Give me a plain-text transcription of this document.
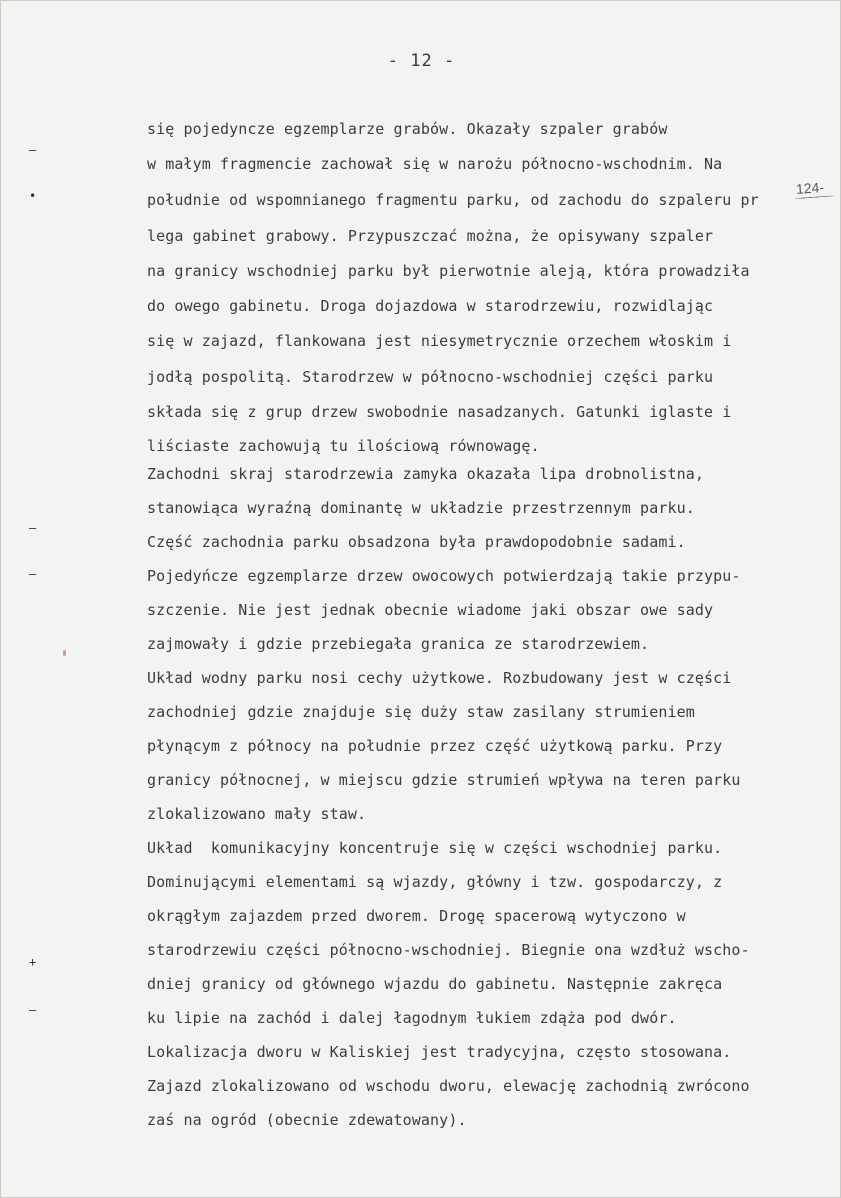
- 12 -
124-
się pojedyncze egzemplarze grabów. Okazały szpaler grabów
w małym fragmencie zachował się w narożu północno-wschodnim. Na
południe od wspomnianego fragmentu parku, od zachodu do szpaleru pr
lega gabinet grabowy. Przypuszczać można, że opisywany szpaler
na granicy wschodniej parku był pierwotnie aleją, która prowadziła
do owego gabinetu. Droga dojazdowa w starodrzewiu, rozwidlając
się w zajazd, flankowana jest niesymetrycznie orzechem włoskim i
jodłą pospolitą. Starodrzew w północno-wschodniej części parku
składa się z grup drzew swobodnie nasadzanych. Gatunki iglaste i
liściaste zachowują tu ilościową równowagę.
Zachodni skraj starodrzewia zamyka okazała lipa drobnolistna,
stanowiąca wyraźną dominantę w układzie przestrzennym parku.
Część zachodnia parku obsadzona była prawdopodobnie sadami.
Pojedyńcze egzemplarze drzew owocowych potwierdzają takie przypu-
szczenie. Nie jest jednak obecnie wiadome jaki obszar owe sady
zajmowały i gdzie przebiegała granica ze starodrzewiem.
Układ wodny parku nosi cechy użytkowe. Rozbudowany jest w części
zachodniej gdzie znajduje się duży staw zasilany strumieniem
płynącym z północy na południe przez część użytkową parku. Przy
granicy północnej, w miejscu gdzie strumień wpływa na teren parku
zlokalizowano mały staw.
Układ  komunikacyjny koncentruje się w części wschodniej parku.
Dominującymi elementami są wjazdy, główny i tzw. gospodarczy, z
okrągłym zajazdem przed dworem. Drogę spacerową wytyczono w
starodrzewiu części północno-wschodniej. Biegnie ona wzdłuż wscho-
dniej granicy od głównego wjazdu do gabinetu. Następnie zakręca
ku lipie na zachód i dalej łagodnym łukiem zdąża pod dwór.
Lokalizacja dworu w Kaliskiej jest tradycyjna, często stosowana.
Zajazd zlokalizowano od wschodu dworu, elewację zachodnią zwrócono
zaś na ogród (obecnie zdewatowany).
–
•
–
–
+
–
